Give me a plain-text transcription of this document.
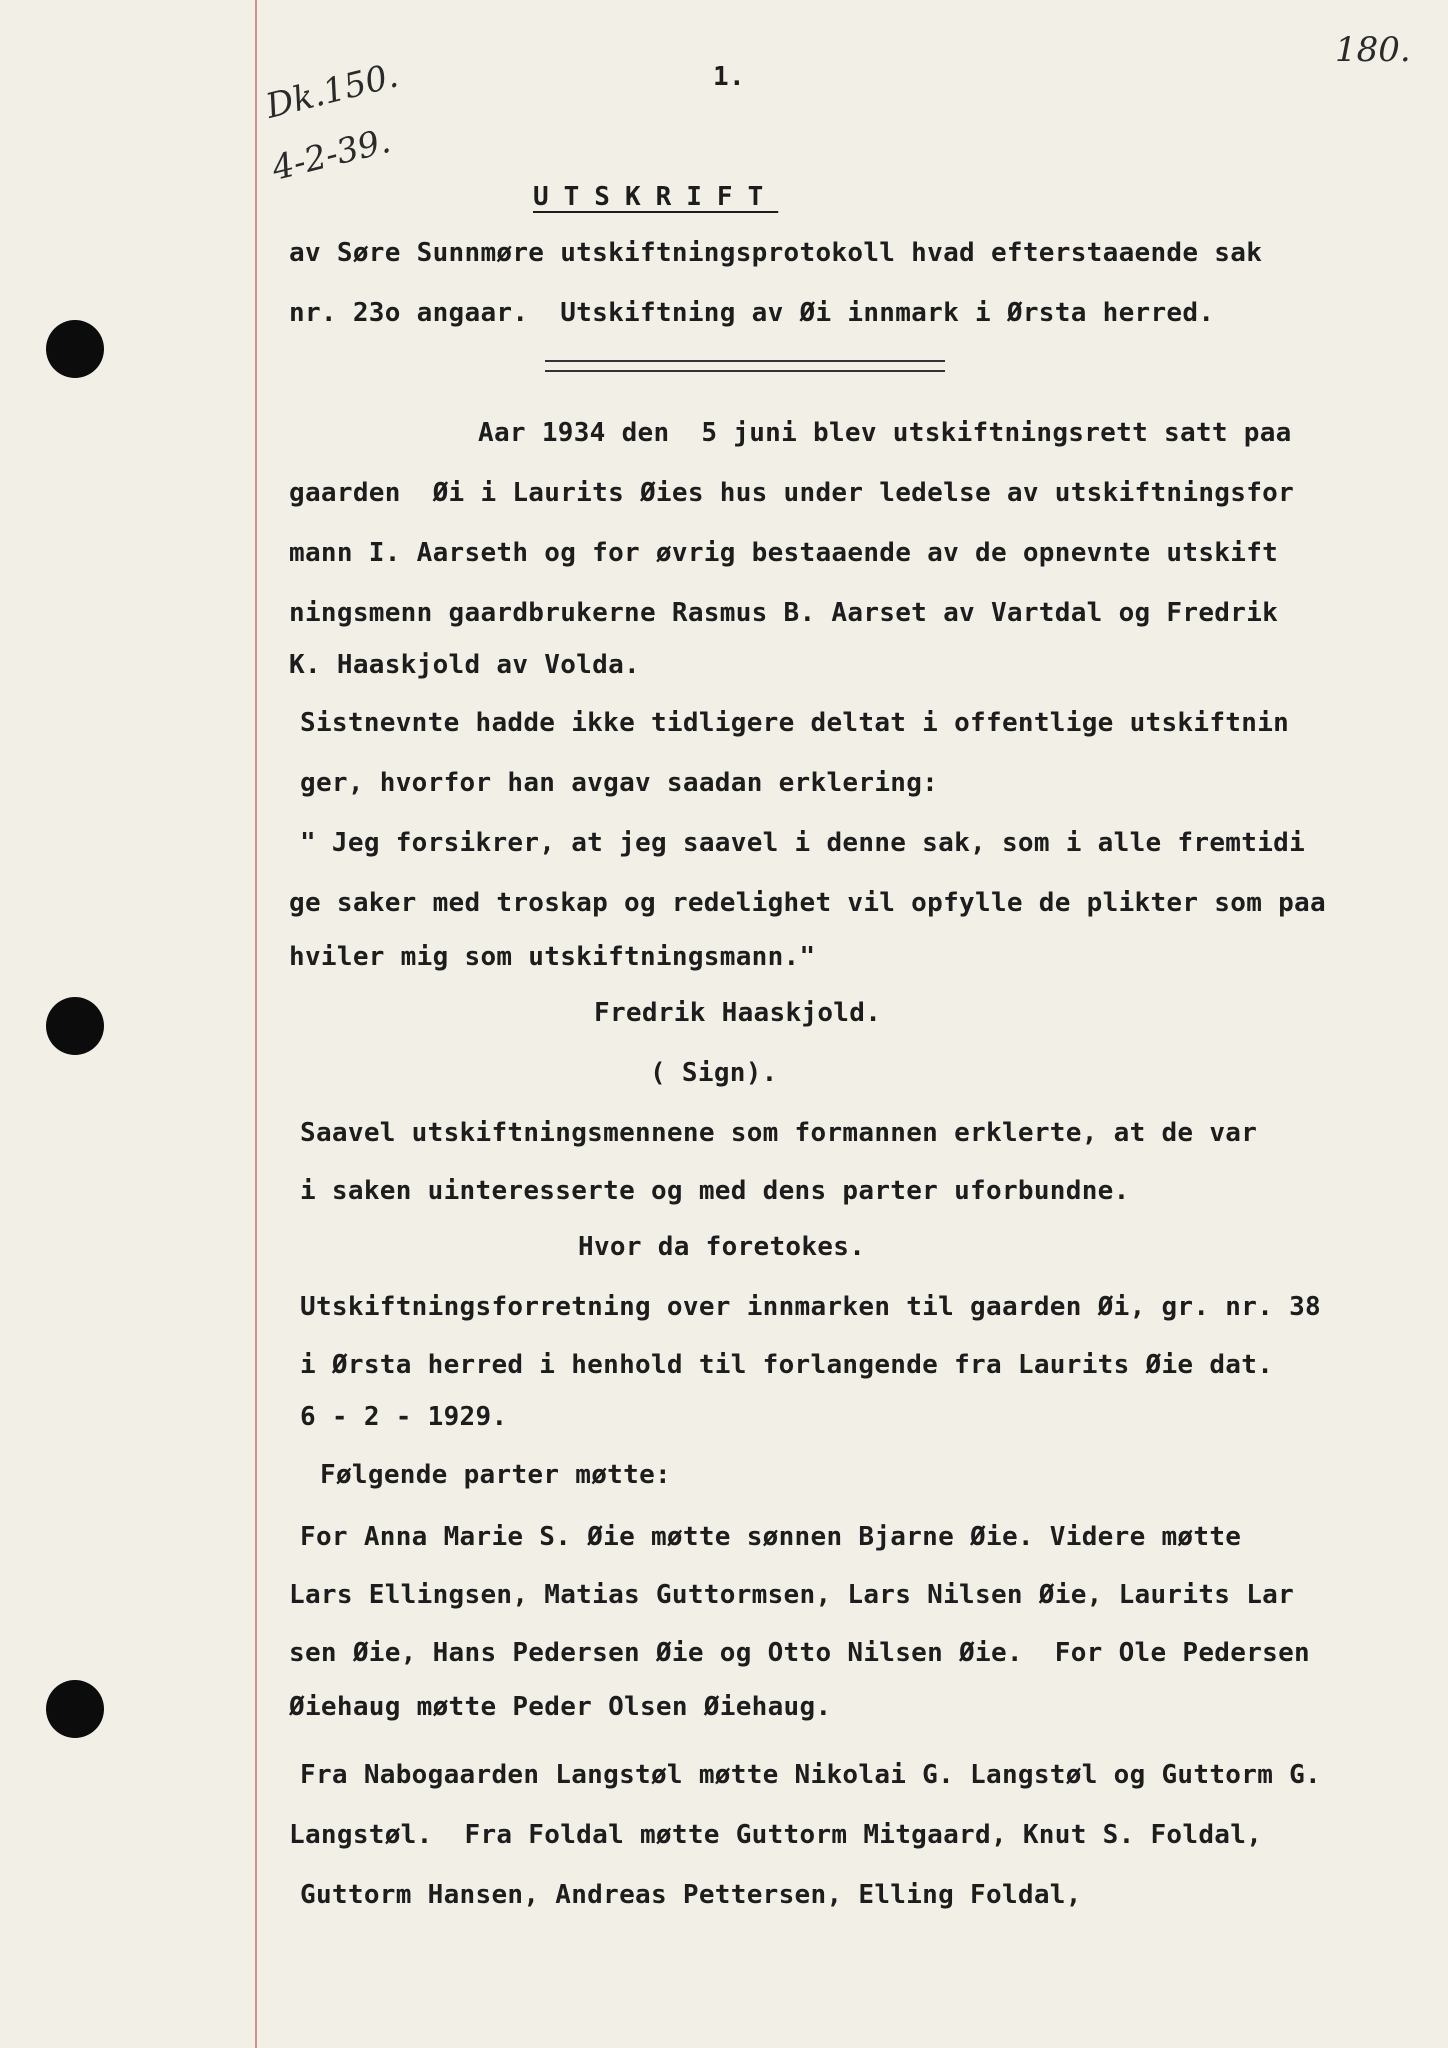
180.
Dk.150.
4-2-39.
1.
UTSKRIFT
av Søre Sunnmøre utskiftningsprotokoll hvad efterstaaende sak
nr. 23o angaar.  Utskiftning av Øi innmark i Ørsta herred.
Aar 1934 den  5 juni blev utskiftningsrett satt paa
gaarden  Øi i Laurits Øies hus under ledelse av utskiftningsfor
mann I. Aarseth og for øvrig bestaaende av de opnevnte utskift
ningsmenn gaardbrukerne Rasmus B. Aarset av Vartdal og Fredrik
K. Haaskjold av Volda.
Sistnevnte hadde ikke tidligere deltat i offentlige utskiftnin
ger, hvorfor han avgav saadan erklering:
" Jeg forsikrer, at jeg saavel i denne sak, som i alle fremtidi
ge saker med troskap og redelighet vil opfylle de plikter som paa
hviler mig som utskiftningsmann."
Fredrik Haaskjold.
( Sign).
Saavel utskiftningsmennene som formannen erklerte, at de var
i saken uinteresserte og med dens parter uforbundne.
Hvor da foretokes.
Utskiftningsforretning over innmarken til gaarden Øi, gr. nr. 38
i Ørsta herred i henhold til forlangende fra Laurits Øie dat.
6 - 2 - 1929.
Følgende parter møtte:
For Anna Marie S. Øie møtte sønnen Bjarne Øie. Videre møtte
Lars Ellingsen, Matias Guttormsen, Lars Nilsen Øie, Laurits Lar
sen Øie, Hans Pedersen Øie og Otto Nilsen Øie.  For Ole Pedersen
Øiehaug møtte Peder Olsen Øiehaug.
Fra Nabogaarden Langstøl møtte Nikolai G. Langstøl og Guttorm G.
Langstøl.  Fra Foldal møtte Guttorm Mitgaard, Knut S. Foldal,
Guttorm Hansen, Andreas Pettersen, Elling Foldal,
